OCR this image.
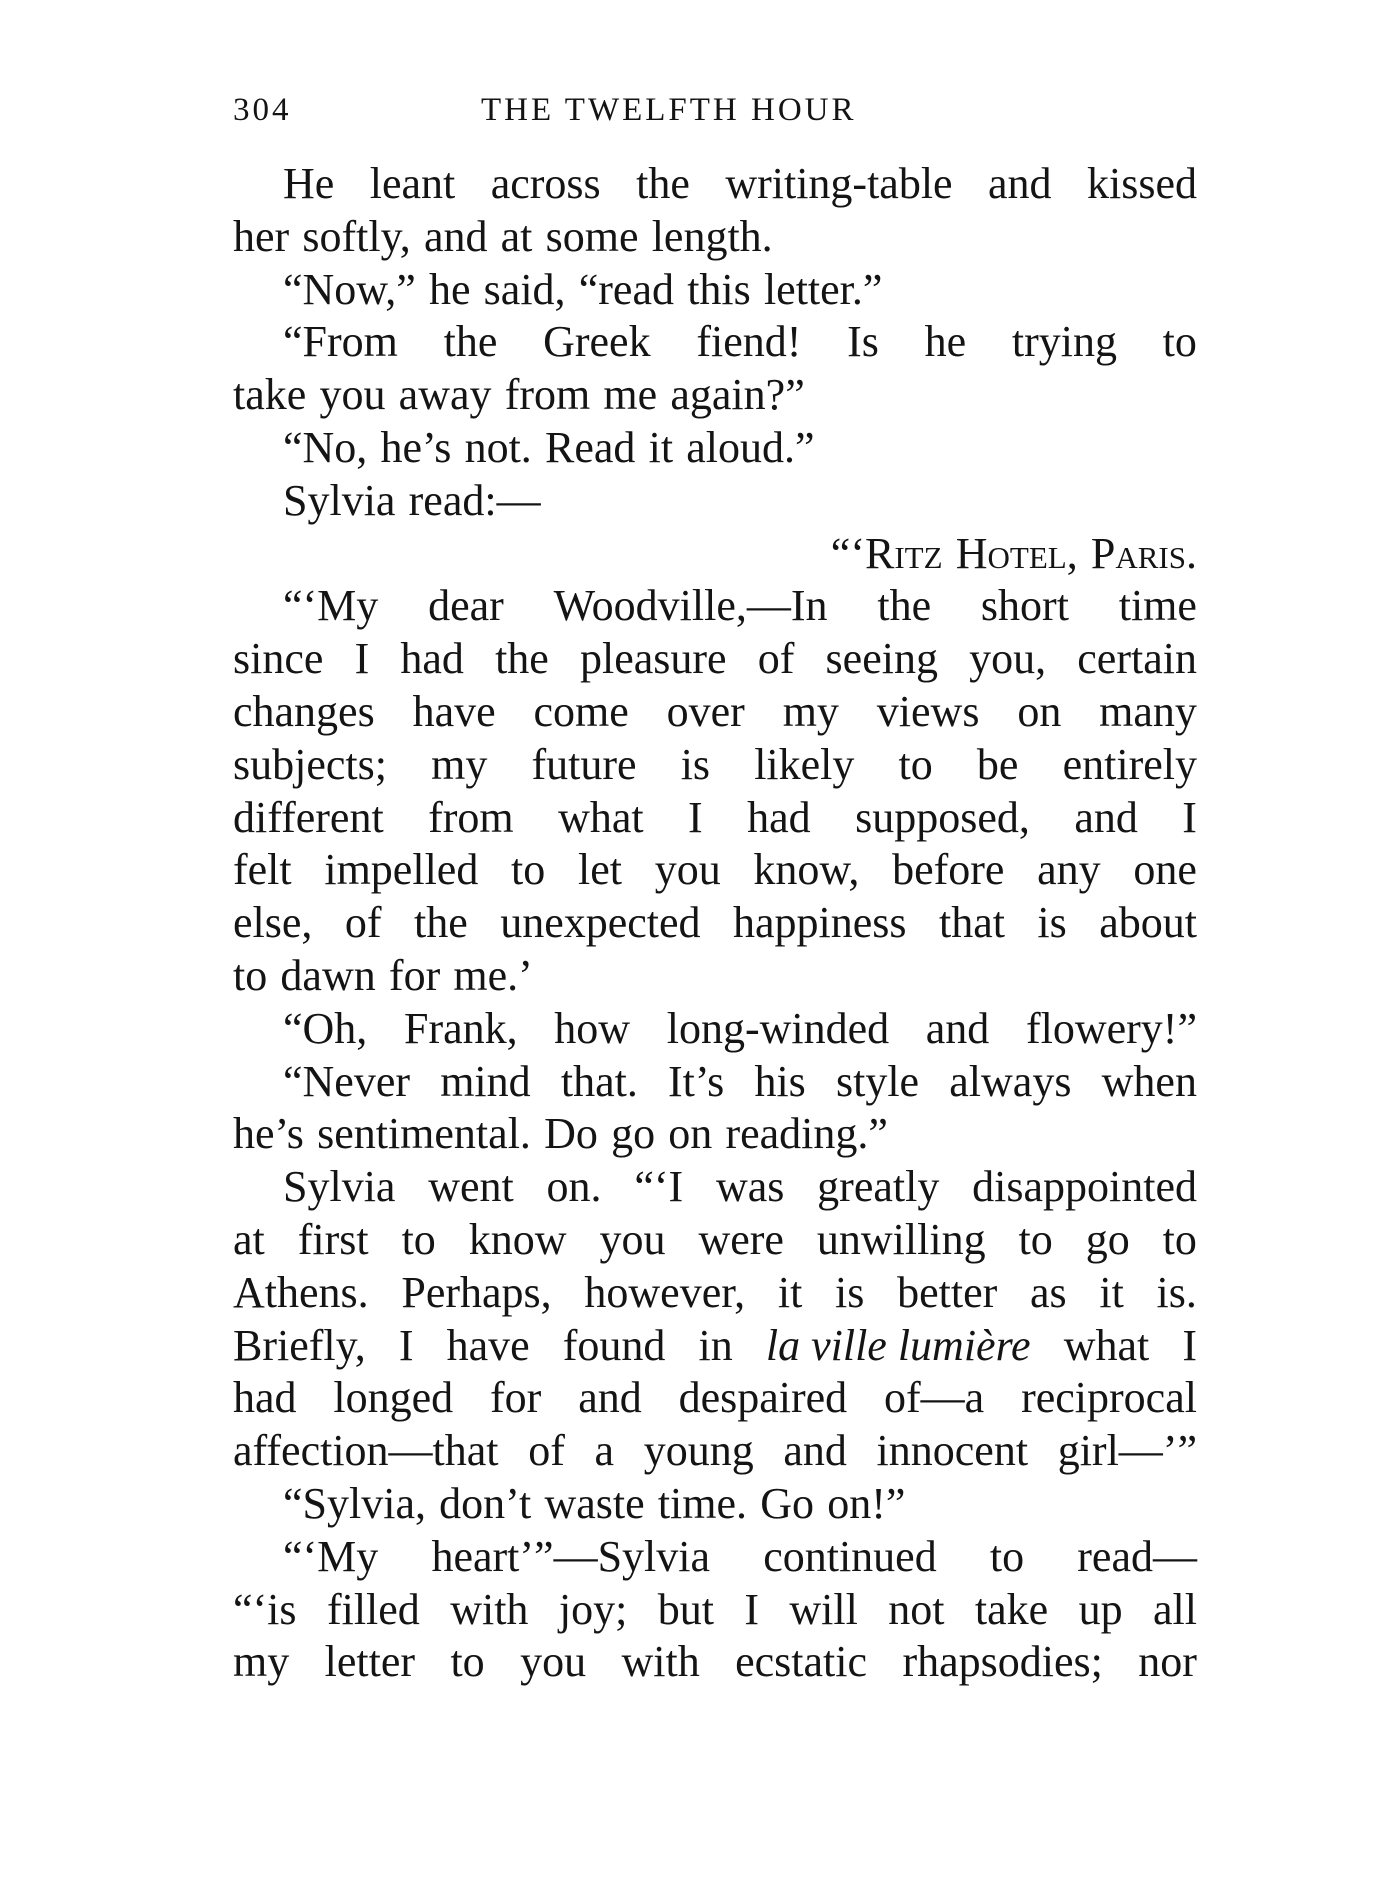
304	THE TWELFTH HOUR
He leant across the writing-table and kissed
her softly, and at some length.
“Now,” he said, “read this letter.”
“From the Greek fiend! Is he trying to
take you away from me again?”
“No, he’s not. Read it aloud.”
Sylvia read:—
“‘Ritz Hotel, Paris.
“‘My dear Woodville,—In the short time
since I had the pleasure of seeing you, certain
changes have come over my views on many
subjects; my future is likely to be entirely
different from what I had supposed, and I
felt impelled to let you know, before any one
else, of the unexpected happiness that is about
to dawn for me.’
“Oh, Frank, how long-winded and flowery!”
“Never mind that. It’s his style always when
he’s sentimental. Do go on reading.”
Sylvia went on. “‘I was greatly disappointed
at first to know you were unwilling to go to
Athens. Perhaps, however, it is better as it is.
Briefly, I have found in la ville lumière what I
had longed for and despaired of—a reciprocal
affection—that of a young and innocent girl—’”
“Sylvia, don’t waste time. Go on!”
“‘My heart’”—Sylvia continued to read—
“‘is filled with joy; but I will not take up all
my letter to you with ecstatic rhapsodies; nor
